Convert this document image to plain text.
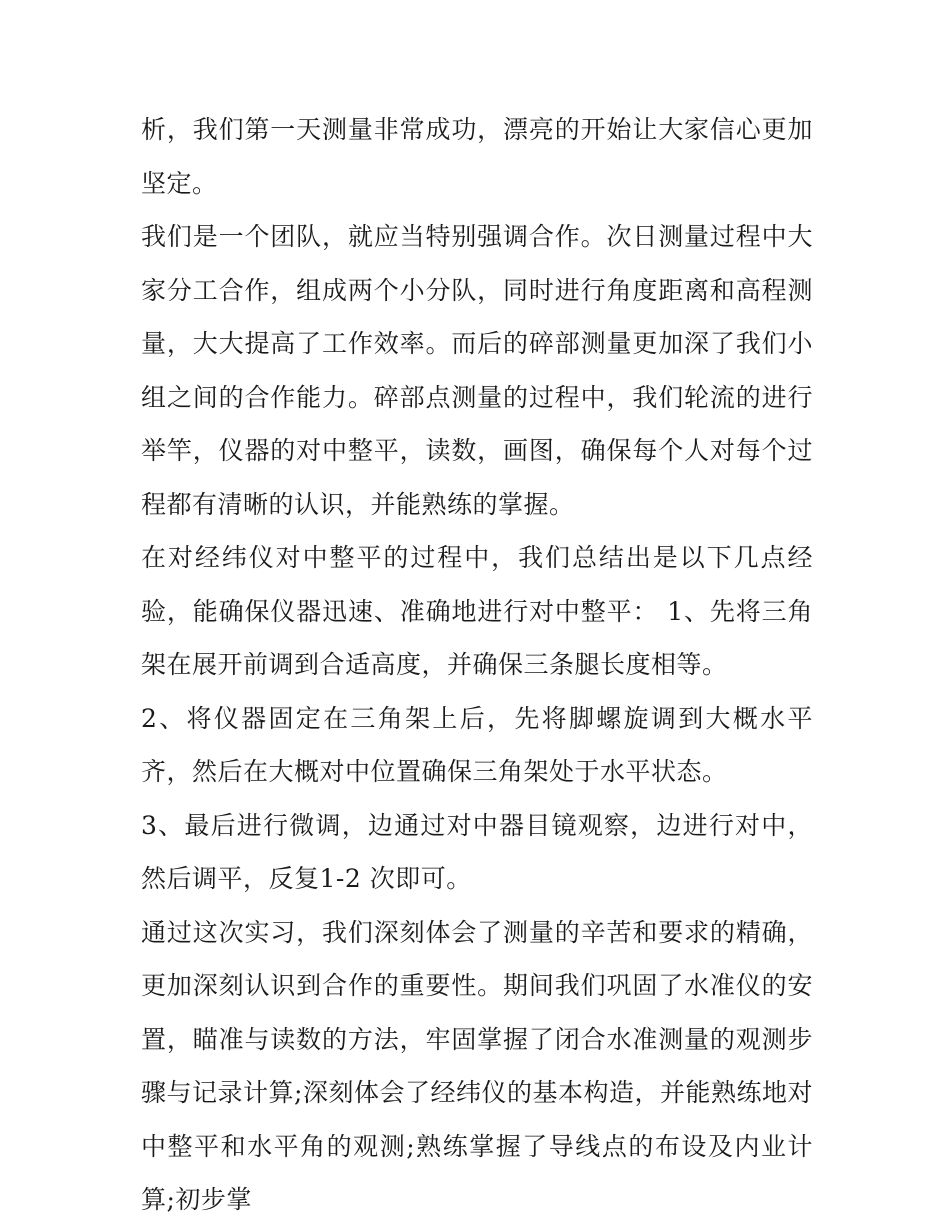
析，我们第一天测量非常成功，漂亮的开始让大家信心更加坚定。

我们是一个团队，就应当特别强调合作。次日测量过程中大家分工合作，组成两个小分队，同时进行角度距离和高程测量，大大提高了工作效率。而后的碎部测量更加深了我们小组之间的合作能力。碎部点测量的过程中，我们轮流的进行举竿，仪器的对中整平，读数，画图，确保每个人对每个过程都有清晰的认识，并能熟练的掌握。

在对经纬仪对中整平的过程中，我们总结出是以下几点经验，能确保仪器迅速、准确地进行对中整平： 1、先将三角架在展开前调到合适高度，并确保三条腿长度相等。

2、将仪器固定在三角架上后，先将脚螺旋调到大概水平齐，然后在大概对中位置确保三角架处于水平状态。

3、最后进行微调，边通过对中器目镜观察，边进行对中，然后调平，反复1-2 次即可。

通过这次实习，我们深刻体会了测量的辛苦和要求的精确，更加深刻认识到合作的重要性。期间我们巩固了水准仪的安置，瞄准与读数的方法，牢固掌握了闭合水准测量的观测步骤与记录计算;深刻体会了经纬仪的基本构造，并能熟练地对中整平和水平角的观测;熟练掌握了导线点的布设及内业计算;初步掌
